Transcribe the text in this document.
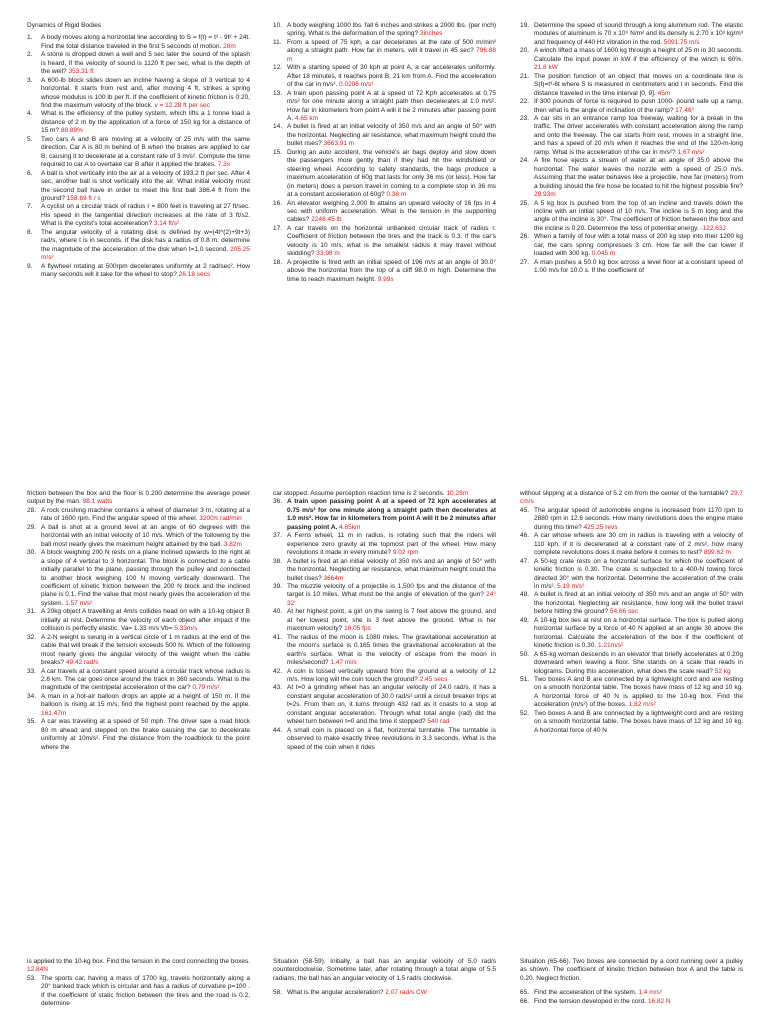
Dynamics of Rigid Bodies
1. A body moves along a horizontal line according to S = f(t) = t³ - 9t² + 24t. Find the total distance traveled in the first 5 seconds of motion. 28m
2. A stone is dropped down a well and 5 sec later the sound of the splash is heard. If the velocity of sound is 1120 ft per sec, what is the depth of the well? 353.31 ft
3. A 600-lb block slides down an incline having a slope of 3 vertical to 4 horizontal. It starts from rest and, after moving 4 ft, strikes a spring whose modulus is 100 lb per ft. If the coefficient of kinetic friction is 0.20, find the maximum velocity of the block. v = 12.28 ft per sec
4. What is the efficiency of the pulley system, which lifts a 1 tonne load a distance of 2 m by the application of a force of 150 kg for a distance of 15 m? 88.89%
5. Two cars A and B are moving at a velocity of 25 m/s with the same direction. Car A is 80 m behind of B when the brakes are applied to car B, causing it to decelerate at a constant rate of 3 m/s². Compute the time required to car A to overtake car B after it applied the brakes. 7.3s
6. A ball is shot vertically into the air at a velocity of 193.2 ft per sec. After 4 sec, another ball is shot vertically into the air. What initial velocity must the second ball have in order to meet the first ball 386.4 ft from the ground? 158.69 ft / s
7. A cyclist on a circular track of radius r = 800 feet is traveling at 27 ft/sec. His speed in the tangential direction increases at the rate of 3 ft/s2. What is the cyclist's total acceleration? 3.14 ft/s²
8. The angular velocity of a rotating disk is defined by w=(4t^(2)+9t+3) rad/s, where t is in seconds. If the disk has a radius of 0.8 m: determine the magnitude of the acceleration of the disk when t=1.0 second. 205.25 m/s²
9. A flywheel rotating at 500rpm decelerates uniformly at 2 rad/sec². How many seconds will it take for the wheel to stop? 26.18 secs
10. A body weighing 1000 lbs. fall 6 inches and strikes a 2000 lbs. (per inch) spring. What is the deformation of the spring? 3inches
11. From a speed of 75 kph, a car decelerates at the rate of 500 m/min² along a straight path. How far in meters, will it travel in 45 sec? 796.88 m
12. With a starting speed of 30 kph at point A, a car accelerates uniformly. After 18 minutes, it reaches point B, 21 km from A. Find the acceleration of the car in m/s². 0.0206 m/s²
13. A train upon passing point A at a speed of 72 Kph accelerates at 0.75 m/s² for one minute along a straight path then decelerates at 1.0 m/s². How far in kilometers from point A will it be 2 minutes after passing point A. 4.65 km
14. A bullet is fired at an initial velocity of 350 m/s and an angle of 50° with the horizontal. Neglecting air resistance, what maximum height could the bullet rises? 3663.91 m
15. During an auto accident, the vehicle's air bags deploy and slow down the passengers more gently than if they had hit the windshield or steering wheel. According to safety standards, the bags produce a maximum acceleration of 60g that lasts for only 36 ms (or less). How far (in meters) does a person travel in coming to a complete stop in 36 ms at a constant acceleration of 60g? 0.38 m
16. An elevator weighing 2,000 lb attains an upward velocity of 16 fps in 4 sec with uniform acceleration. What is the tension in the supporting cables? 2248.45 lb
17. A car travels on the horizontal unbanked circular track of radius r. Coefficient of friction between the tires and the track is 0.3. If the car's velocity is 10 m/s, what is the smallest radius it may travel without skidding? 33.98 m
18. A projectile is fired with an initial speed of 196 m/s at an angle of 30.0° above the horizontal from the top of a cliff 98.0 m high. Determine the time to reach maximum height. 9.99s
19. Determine the speed of sound through a long aluminum rod. The elastic modules of aluminum is 70 x 10⁹ N/m² and its density is 2.70 x 10³ kg/m³ and frequency of 440 Hz vibration in the rod. 5091.75 m/s
20. A winch lifted a mass of 1600 kg through a height of 25 m in 30 seconds. Calculate the input power in kW if the efficiency of the winch is 60%.21.8 kW
21. The position function of an object that moves on a coordinate line is S(t)=t³-6t where S is measured in centimeters and t in seconds. Find the distance traveled in the time interval [0, 9]. 45m
22. If 300 pounds of force is required to push 1000- pound safe up a ramp, then what is the angle of inclination of the ramp? 17.46°
23. A car sits in an entrance ramp toa freeway, waiting for a break in the traffic. The driver accelerates with constant acceleration along the ramp and onto the freeway. The car starts from rest, moves in a straight line, and has a speed of 20 m/s when it reaches the end of the 120-m-long ramp. What is the acceleration of the car in m/s²? 1.67 m/s²
24. A fire hose ejects a stream of water at an angle of 35.0 above the horizontal. The water leaves the nozzle with a speed of 25.0 m/s. Assuming that the water behaves like a projectile, how far (meters) from a building should the fire hose be located to hit the highest possible fire?29.93m
25. A 5 kg box is pushed from the top of an incline and travels down the incline with an initial speed of 10 m/s. The incline is 5 m long and the angle of the incline is 30°. The coefficient of friction between the box and the incline is 0.20. Determine the loss of potential energy. -122.63J
26. When a family of four with a total mass of 200 kg step into their 1200 kg car, the cars spring compresses 3 cm. How far will the car lower if loaded with 300 kg. 0.045 m
27. A man pushes a 50.0 kg box across a level floor at a constant speed of 1.00 m/s for 10.0 s. If the coefficient of
friction between the box and the floor is 0.200 determine the average power output by the man. 98.1 watts
28. A rock crushing machine contains a wheel of diameter 3 m, rotating at a rate of 1600 rpm. Find the angular speed of the wheel. 3200π rad/min
29. A ball is shot at a ground level at an angle of 60 degrees with the horizontal with an initial velocity of 10 m/s. Which of the following by the ball most nearly gives the maximum height attained by the ball. 3.82m
30. A block weighing 200 N rests on a plane inclined upwards to the right at a slope of 4 vertical to 3 horizontal. The block is connected to a cable initially parallel to the plane, passing through the pulley and connected to another block weighing 100 N moving vertically downward. The coefficient of kinetic friction between the 200 N block and the inclined plane is 0.1. Find the value that most nearly gives the acceleration of the system. 1.57 m/s²
31. A 20kg object A travelling at 4m/s collides head on with a 10-kg object B initially at rest. Determine the velocity of each object after impact if the collision is perfectly elastic. Va= 1.33 m/s Vb= 5.33m/s
32. A 2-N weight is swung in a vertical circle of 1 m radius at the end of the cable that will break if the tension exceeds 500 N. Which of the following most nearly gives the angular velocity of the weight when the cable breaks? 49.42 rad/s
33. A car travels at a constant speed around a circular track whose radius is 2.6 km. The car goes once around the track in 360 seconds. What is the magnitude of the centripetal acceleration of the car? 0.79 m/s²
34. A man in a hot-air balloon drops an apple at a height of 150 m. If the balloon is rising at 15 m/s, find the highest point reached by the apple.161.47m
35. A car was traveling at a speed of 50 mph. The driver saw a road block 80 m ahead and stepped on the brake causing the car to decelerate uniformly at 10m/s². Find the distance from the roadblock to the point where the
car stopped. Assume perception reaction time is 2 seconds. 10.28m
36. A train upon passing point A at a speed of 72 kph accelerates at 0.75 m/s² for one minute along a straight path then decelerates at 1.0 m/s². How far in kilometers from point A will it be 2 minutes after passing point A. 4.65km
37. A Ferris wheel, 11 m in radius, is rotating such that the riders will experience zero gravity at the topmost part of the wheel. How many revolutions it made in every minute? 9.02 rpm
38. A bullet is fired at an initial velocity of 350 m/s and an angle of 50° with the horizontal. Neglecting air resistance, what maximum height could the bullet rises? 3664m
39. The muzzle velocity of a projectile is 1,500 fps and the distance of the target is 10 miles. What must be the angle of elevation of the gun? 24° 32'
40. At her highest point, a girl on the swing is 7 feet above the ground, and at her lowest point, she is 3 feet above the ground. What is her maximum velocity? 16.05 fps
41. The radius of the moon is 1080 miles. The gravitational acceleration at the moon's surface is 0.165 times the gravitational acceleration at the earth's surface. What is the velocity of escape from the moon in miles/second? 1.47 mi/s
42. A coin is tossed vertically upward from the ground at a velocity of 12 m/s. How long will the coin touch the ground? 2.45 secs
43. At t=0 a grinding wheel has an angular velocity of 24.0 rad/s. It has a constant angular acceleration of 30.0 rad/s² until a circuit breaker trips at t=2s. From then on, it turns through 432 rad as it coasts to a stop at constant angular acceleration. Through what total angle (rad) did the wheel turn between t=0 and the time it stopped? 540 rad
44. A small coin is placed on a flat, horizontal turntable. The turntable is observed to make exactly three revolutions in 3.3 seconds. What is the speed of the coin when it rides
without slipping at a distance of 5.2 cm from the center of the turntable? 29.7 cm/s
45. The angular speed of automobile engine is increased from 1170 rpm to 2880 rpm in 12.6 seconds. How many revolutions does the engine make during this time? 425.25 revs
46. A car whose wheels are 30 cm in radius is traveling with a velocity of 110 kph. If it is decelerated at a constant rate of 2 m/s², how many complete revolutions does it make before it comes to rest? 899.62 m
47. A 50-kg crate rests on a horizontal surface for which the coefficient of kinetic friction is 0.30. The crate is subjected to a 400-N towing force directed 30° with the horizontal. Determine the acceleration of the crate in m/s². 5.19 m/s²
48. A bullet is fired at an initial velocity of 350 m/s and an angle of 50° with the horizontal. Neglecting air resistance, how long will the bullet travel before hitting the ground? 54.66 sec
49. A 10-kg box lies at rest on a horizontal surface. The box is pulled along horizontal surface by a force of 40 N applied at an angle 30 above the horizontal. Calculate the acceleration of the box if the coefficient of kinetic friction is 0.30. 1.21m/s²
50. A 65-kg woman descends in an elevator that briefly accelerates at 0.20g downward when leaving a floor. She stands on a scale that reads in kilograms. During this acceleration, what does the scale read? 52 kg
51. Two boxes A and B are connected by a lightweight cord and are resting on a smooth horizontal table. The boxes have mass of 12 kg and 10 kg. A horizontal force of 40 N is applied to the 10-kg box. Find the acceleration (m/s²) of the boxes. 1.82 m/s²
52. Two boxes A and B are connected by a lightweight cord and are resting on a smooth horizontal table. The boxes have mass of 12 kg and 10 kg. A horizontal force of 40 N
is applied to the 10-kg box. Find the tension in the cord connecting the boxes.12.84N
53. The sports car, having a mass of 1700 kg, travels horizontally along a 20° banked track which is circular and has a radius of curvature p=100 . If the coefficient of static friction between the tires and the road is 0.2, determine
Situation (58-59). Initially, a ball has an angular velocity of 5.0 rad/s counterclockwise. Sometime later, after rotating through a total angle of 5.5 radians, the ball has an angular velocity of 1.5 rad/s clockwise.
58. What is the angular acceleration? 2.07 rad/s CW
Situation (65-66). Two boxes are connected by a cord running over a pulley as shown. The coefficient of kinetic friction between box A and the table is 0.20. Neglect friction.
65. Find the acceleration of the system. 1.4 m/s²
66. Find the tension developed in the cord. 16.82 N
